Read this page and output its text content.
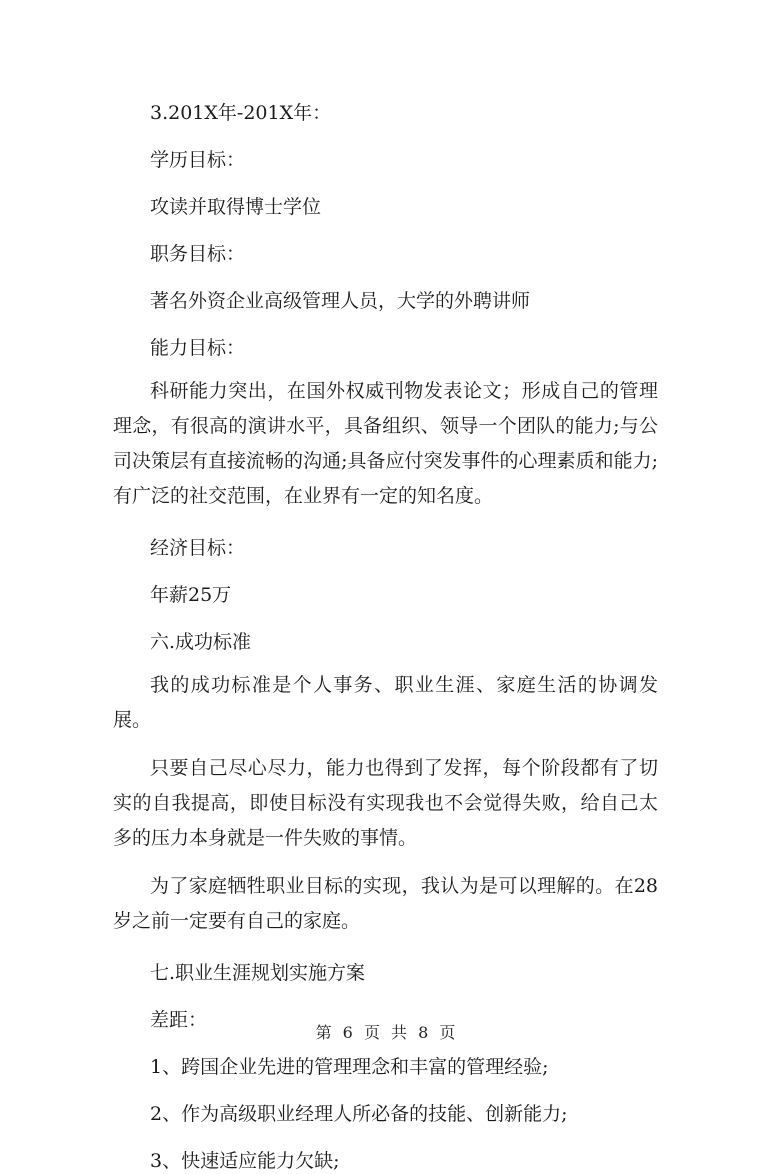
3.201X年-201X年：

学历目标：

攻读并取得博士学位

职务目标：

著名外资企业高级管理人员，大学的外聘讲师

能力目标：

科研能力突出，在国外权威刊物发表论文；形成自己的管理理念，有很高的演讲水平，具备组织、领导一个团队的能力;与公司决策层有直接流畅的沟通;具备应付突发事件的心理素质和能力;有广泛的社交范围，在业界有一定的知名度。

经济目标：

年薪25万

六.成功标准

我的成功标准是个人事务、职业生涯、家庭生活的协调发展。

只要自己尽心尽力，能力也得到了发挥，每个阶段都有了切实的自我提高，即使目标没有实现我也不会觉得失败，给自己太多的压力本身就是一件失败的事情。

为了家庭牺牲职业目标的实现，我认为是可以理解的。在28岁之前一定要有自己的家庭。

七.职业生涯规划实施方案

差距：

1、跨国企业先进的管理理念和丰富的管理经验;

2、作为高级职业经理人所必备的技能、创新能力;

3、快速适应能力欠缺;

第 6 页 共 8 页
